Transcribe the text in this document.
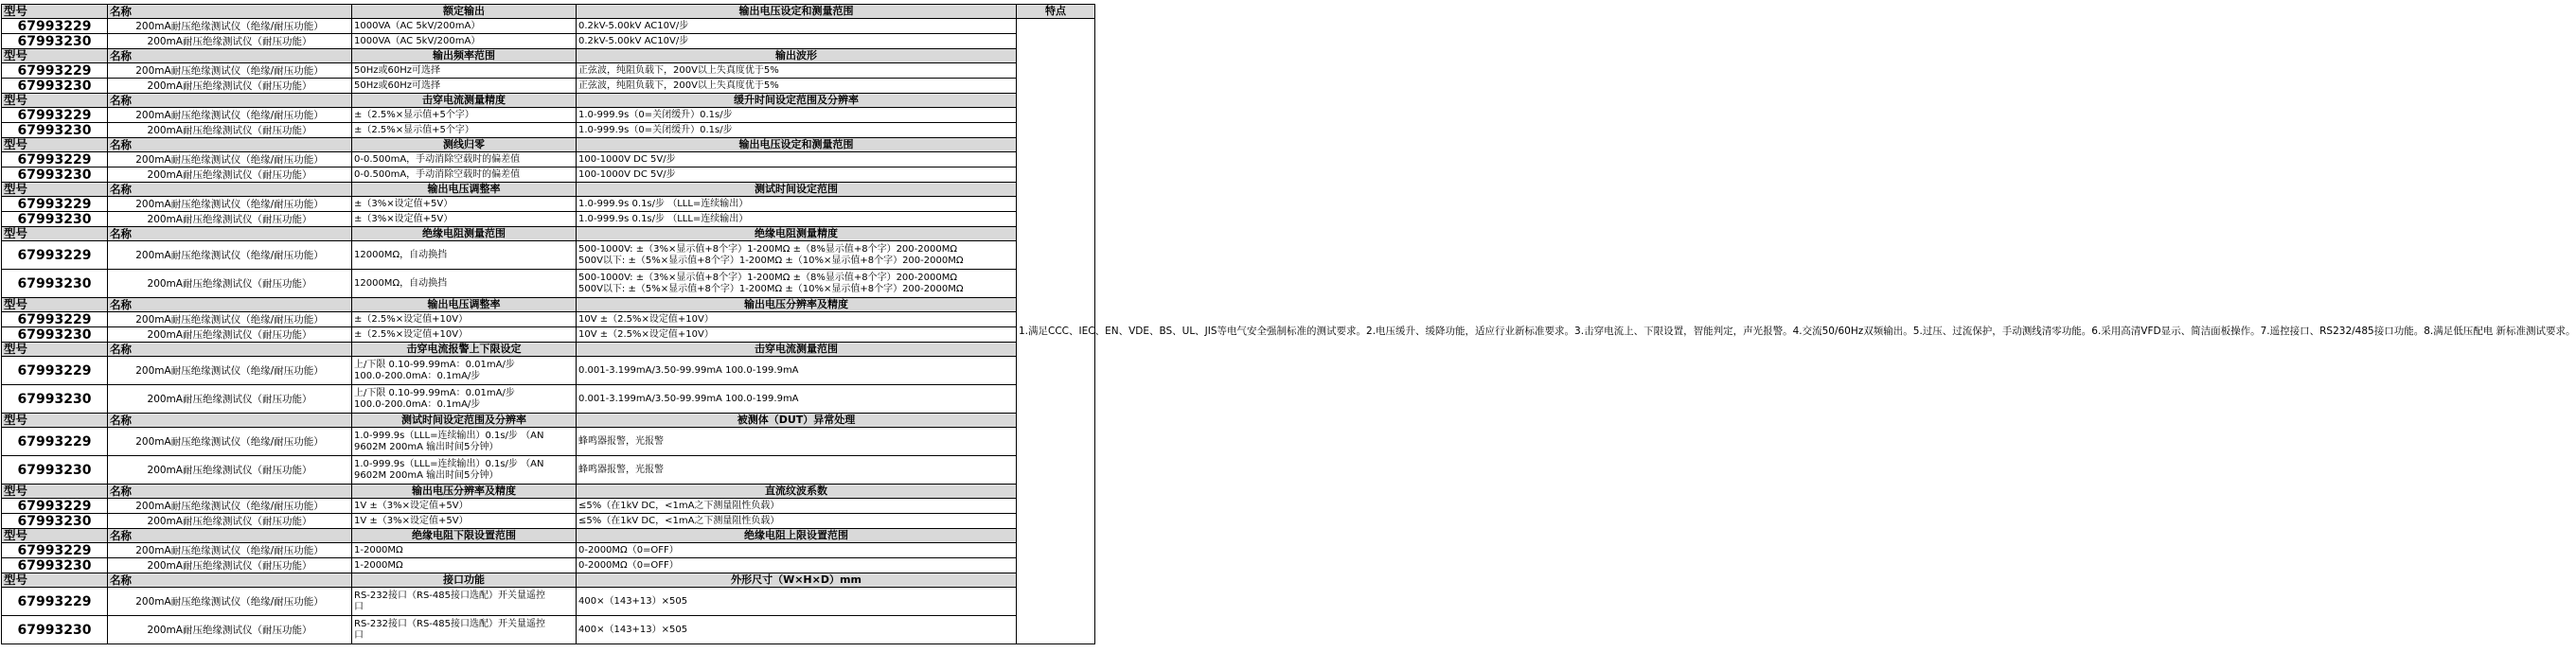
型号	名称	额定输出	输出电压设定和测量范围	特点
67993229	200mA耐压绝缘测试仪（绝缘/耐压功能）	1000VA（AC 5kV/200mA）	0.2kV-5.00kV AC10V/步	1.满足CCC、IEC、EN、VDE、BS、UL、JIS等电气安全强制标准的测试要求。2.电压缓升、缓降功能，适应行业新标准要求。3.击穿电流上、下限设置，智能判定，声光报警。4.交流50/60Hz双频输出。5.过压、过流保护，手动测线清零功能。6.采用高清VFD显示、简洁面板操作。7.遥控接口、RS232/485接口功能。8.满足低压配电 新标准测试要求。
67993230	200mA耐压绝缘测试仪（耐压功能）	1000VA（AC 5kV/200mA）	0.2kV-5.00kV AC10V/步	
型号	名称	输出频率范围	输出波形	
67993229	200mA耐压绝缘测试仪（绝缘/耐压功能）	50Hz或60Hz可选择	正弦波，纯阻负载下，200V以上失真度优于5%	
67993230	200mA耐压绝缘测试仪（耐压功能）	50Hz或60Hz可选择	正弦波，纯阻负载下，200V以上失真度优于5%	
型号	名称	击穿电流测量精度	缓升时间设定范围及分辨率	
67993229	200mA耐压绝缘测试仪（绝缘/耐压功能）	±（2.5%×显示值+5个字）	1.0-999.9s（0=关闭缓升）0.1s/步	
67993230	200mA耐压绝缘测试仪（耐压功能）	±（2.5%×显示值+5个字）	1.0-999.9s（0=关闭缓升）0.1s/步	
型号	名称	测线归零	输出电压设定和测量范围	
67993229	200mA耐压绝缘测试仪（绝缘/耐压功能）	0-0.500mA，手动消除空载时的偏差值	100-1000V DC 5V/步	
67993230	200mA耐压绝缘测试仪（耐压功能）	0-0.500mA，手动消除空载时的偏差值	100-1000V DC 5V/步	
型号	名称	输出电压调整率	测试时间设定范围	
67993229	200mA耐压绝缘测试仪（绝缘/耐压功能）	±（3%×设定值+5V）	1.0-999.9s 0.1s/步 （LLL=连续输出）	
67993230	200mA耐压绝缘测试仪（耐压功能）	±（3%×设定值+5V）	1.0-999.9s 0.1s/步 （LLL=连续输出）	
型号	名称	绝缘电阻测量范围	绝缘电阻测量精度	
67993229	200mA耐压绝缘测试仪（绝缘/耐压功能）	12000MΩ，自动换挡	500-1000V: ±（3%×显示值+8个字）1-200MΩ ±（8%显示值+8个字）200-2000MΩ
500V以下: ±（5%×显示值+8个字）1-200MΩ ±（10%×显示值+8个字）200-2000MΩ	

67993230	200mA耐压绝缘测试仪（耐压功能）	12000MΩ，自动换挡	500-1000V: ±（3%×显示值+8个字）1-200MΩ ±（8%显示值+8个字）200-2000MΩ
500V以下: ±（5%×显示值+8个字）1-200MΩ ±（10%×显示值+8个字）200-2000MΩ	

型号	名称	输出电压调整率	输出电压分辨率及精度	
67993229	200mA耐压绝缘测试仪（绝缘/耐压功能）	±（2.5%×设定值+10V）	10V ±（2.5%×设定值+10V）	
67993230	200mA耐压绝缘测试仪（耐压功能）	±（2.5%×设定值+10V）	10V ±（2.5%×设定值+10V）	
型号	名称	击穿电流报警上下限设定	击穿电流测量范围	
67993229	200mA耐压绝缘测试仪（绝缘/耐压功能）	上/下限 0.10-99.99mA：0.01mA/步
100.0-200.0mA：0.1mA/步	0.001-3.199mA/3.50-99.99mA 100.0-199.9mA	
67993230	200mA耐压绝缘测试仪（耐压功能）	上/下限 0.10-99.99mA：0.01mA/步
100.0-200.0mA：0.1mA/步	0.001-3.199mA/3.50-99.99mA 100.0-199.9mA	
型号	名称	测试时间设定范围及分辨率	被测体（DUT）异常处理	
67993229	200mA耐压绝缘测试仪（绝缘/耐压功能）	1.0-999.9s（LLL=连续输出）0.1s/步 （AN
9602M 200mA 输出时间5分钟）	蜂鸣器报警，光报警	
67993230	200mA耐压绝缘测试仪（耐压功能）	1.0-999.9s（LLL=连续输出）0.1s/步 （AN
9602M 200mA 输出时间5分钟）	蜂鸣器报警，光报警	
型号	名称	输出电压分辨率及精度	直流纹波系数	
67993229	200mA耐压绝缘测试仪（绝缘/耐压功能）	1V ±（3%×设定值+5V）	≤5%（在1kV DC，<1mA之下测量阻性负载）	
67993230	200mA耐压绝缘测试仪（耐压功能）	1V ±（3%×设定值+5V）	≤5%（在1kV DC，<1mA之下测量阻性负载）	
型号	名称	绝缘电阻下限设置范围	绝缘电阻上限设置范围	
67993229	200mA耐压绝缘测试仪（绝缘/耐压功能）	1-2000MΩ	0-2000MΩ（0=OFF）	
67993230	200mA耐压绝缘测试仪（耐压功能）	1-2000MΩ	0-2000MΩ（0=OFF）	
型号	名称	接口功能	外形尺寸（W×H×D）mm	
67993229	200mA耐压绝缘测试仪（绝缘/耐压功能）	RS-232接口（RS-485接口选配）开关量遥控
口	400×（143+13）×505	
67993230	200mA耐压绝缘测试仪（耐压功能）	RS-232接口（RS-485接口选配）开关量遥控
口	400×（143+13）×505	
